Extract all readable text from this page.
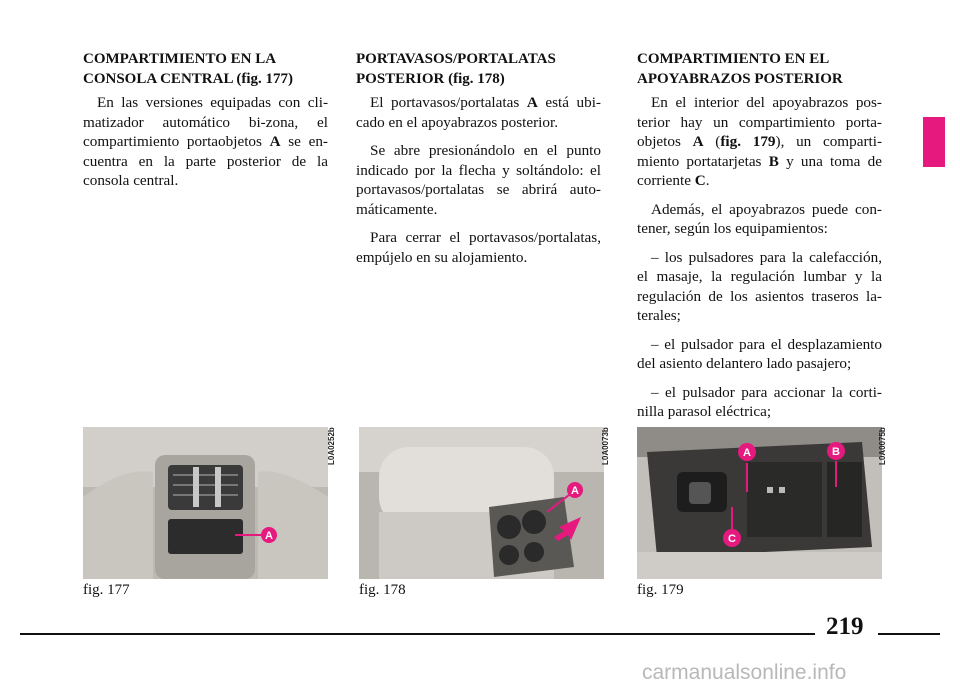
COMPARTIMIENTO EN LA
CONSOLA CENTRAL (fig. 177)

En las versiones equipadas con cli-matizador automático bi-zona, el compartimiento portaobjetos A se en-cuentra en la parte posterior de la consola central.

PORTAVASOS/PORTALATAS
POSTERIOR (fig. 178)

El portavasos/portalatas A está ubi-cado en el apoyabrazos posterior.

Se abre presionándolo en el punto indicado por la flecha y soltándolo: el portavasos/portalatas se abrirá auto-máticamente.

Para cerrar el portavasos/portalatas, empújelo en su alojamiento.

COMPARTIMIENTO EN EL
APOYABRAZOS POSTERIOR

En el interior del apoyabrazos pos-terior hay un compartimiento porta-objetos A (fig. 179), un comparti-miento portatarjetas B y una toma de corriente C.

Además, el apoyabrazos puede con-tener, según los equipamientos:

– los pulsadores para la calefacción, el masaje, la regulación lumbar y la regulación de los asientos traseros la-terales;

– el pulsador para el desplazamiento del asiento delantero lado pasajero;

– el pulsador para accionar la corti-nilla parasol eléctrica;

A
L0A0252b
fig. 177
A
L0A0073b
fig. 178
A	B
C
L0A0075b
fig. 179
219
carmanualsonline.info
